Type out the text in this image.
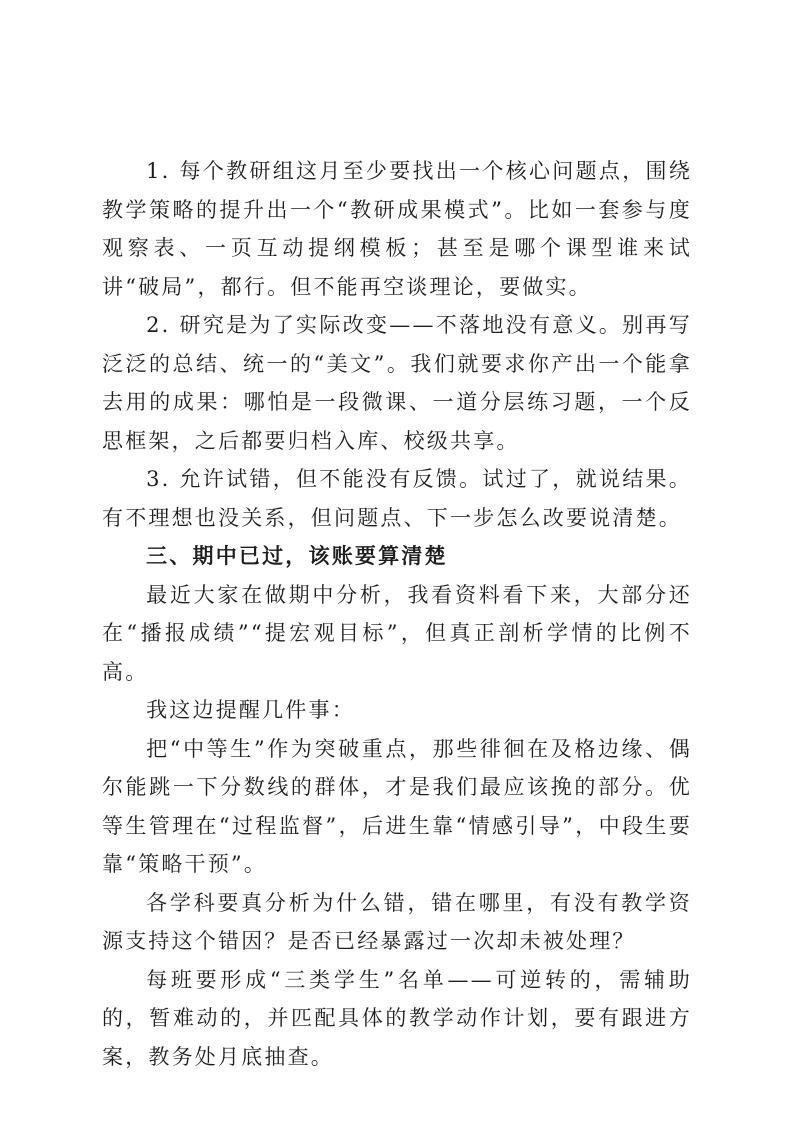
1. 每个教研组这月至少要找出一个核心问题点，围绕教学策略的提升出一个“教研成果模式”。比如一套参与度观察表、一页互动提纲模板；甚至是哪个课型谁来试讲“破局”，都行。但不能再空谈理论，要做实。

2. 研究是为了实际改变——不落地没有意义。别再写泛泛的总结、统一的“美文”。我们就要求你产出一个能拿去用的成果：哪怕是一段微课、一道分层练习题，一个反思框架，之后都要归档入库、校级共享。

3. 允许试错，但不能没有反馈。试过了，就说结果。有不理想也没关系，但问题点、下一步怎么改要说清楚。

三、期中已过，该账要算清楚

最近大家在做期中分析，我看资料看下来，大部分还在“播报成绩”“提宏观目标”，但真正剖析学情的比例不高。

我这边提醒几件事：

把“中等生”作为突破重点，那些徘徊在及格边缘、偶尔能跳一下分数线的群体，才是我们最应该挽的部分。优等生管理在“过程监督”，后进生靠“情感引导”，中段生要靠“策略干预”。

各学科要真分析为什么错，错在哪里，有没有教学资源支持这个错因？是否已经暴露过一次却未被处理？

每班要形成“三类学生”名单——可逆转的，需辅助的，暂难动的，并匹配具体的教学动作计划，要有跟进方案，教务处月底抽查。
